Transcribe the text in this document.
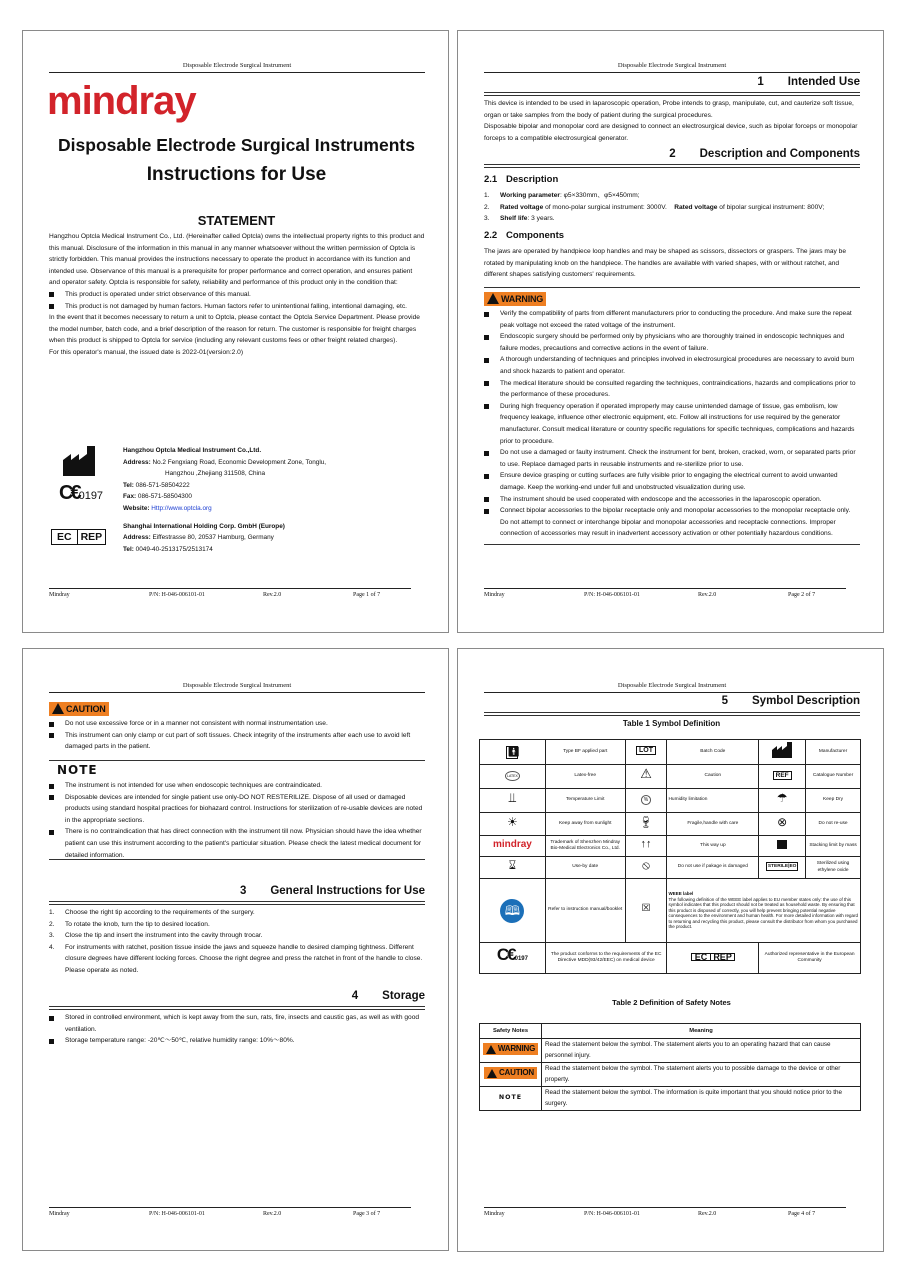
Disposable Electrode Surgical Instrument
mindray
Disposable Electrode Surgical Instruments
Instructions for Use
STATEMENT
Hangzhou Optcla Medical Instrument Co., Ltd. (Hereinafter called Optcla) owns the intellectual property rights to this product and this manual. Disclosure of the information in this manual in any manner whatsoever without the written permission of Optcla is strictly forbidden. This manual provides the instructions necessary to operate the product in accordance with its function and intended use. Observance of this manual is a prerequisite for proper performance and correct operation, and ensures patient and operator safety. Optcla is responsible for safety, reliability and performance of this product only in the condition that:
This product is operated under strict observance of this manual.
This product is not damaged by human factors. Human factors refer to unintentional falling, intentional damaging, etc.
In the event that it becomes necessary to return a unit to Optcla, please contact the Optcla Service Department. Please provide the model number, batch code, and a brief description of the reason for return. The customer is responsible for freight charges when this product is shipped to Optcla for service (including any relevant customs fees or other freight related charges).
For this operator's manual, the issued date is 2022-01(version:2.0)
C€0197
EC REP
Hangzhou Optcla Medical Instrument Co.,Ltd.
Address: No.2 Fengxiang Road, Economic Development Zone, Tonglu,
Hangzhou ,Zhejiang 311508, China
Tel: 086-571-58504222
Fax: 086-571-58504300
Website: Http://www.optcla.org
Shanghai International Holding Corp. GmbH (Europe)
Address: Eiffestrasse 80, 20537 Hamburg, Germany
Tel: 0049-40-2513175/2513174
Mindray	P/N: H-046-006101-01	Rev.2.0	Page 1 of 7
Disposable Electrode Surgical Instrument
1 Intended Use
This device is intended to be used in laparoscopic operation, Probe intends to grasp, manipulate, cut, and cauterize soft tissue, organ or take samples from the body of patient during the surgical procedures.
Disposable bipolar and monopolar cord are designed to connect an electrosurgical device, such as bipolar forceps or monopolar forceps to a compatible electrosurgical generator.
2 Description and Components
2.1 Description
1. Working parameter: φ5×330mm、φ5×450mm;
2. Rated voltage of mono-polar surgical instrument: 3000V. Rated voltage of bipolar surgical instrument: 800V;
3. Shelf life: 3 years.
2.2 Components
The jaws are operated by handpiece loop handles and may be shaped as scissors, dissectors or graspers. The jaws may be rotated by manipulating knob on the handpiece. The handles are available with varied shapes, with or without ratchet, and different shapes satisfying customers' requirements.
WARNING
Verify the compatibility of parts from different manufacturers prior to conducting the procedure. And make sure the repeat peak voltage not exceed the rated voltage of the instrument.
Endoscopic surgery should be performed only by physicians who are thoroughly trained in endoscopic techniques and failure modes, precautions and corrective actions in the event of failure.
A thorough understanding of techniques and principles involved in electrosurgical procedures are necessary to avoid burn and shock hazards to patient and operator.
The medical literature should be consulted regarding the techniques, contraindications, hazards and complications prior to the performance of these procedures.
During high frequency operation if operated improperly may cause unintended damage of tissue, gas embolism, low frequency leakage, influence other electronic equipment, etc. Follow all instructions for use required by the generator manufacturer. Consult medical literature or country specific regulations for specific techniques, complications and hazards prior to procedure.
Do not use a damaged or faulty instrument. Check the instrument for bent, broken, cracked, worn, or separated parts prior to use. Replace damaged parts in reusable instruments and re-sterilize prior to use.
Ensure device grasping or cutting surfaces are fully visible prior to engaging the electrical current to avoid unwanted damage. Keep the working-end under full and unobstructed visualization during use.
The instrument should be used cooperated with endoscope and the accessories in the laparoscopic operation.
Connect bipolar accessories to the bipolar receptacle only and monopolar accessories to the monopolar receptacle only. Do not attempt to connect or interchange bipolar and monopolar accessories and receptacle connections. Improper connection of accessories may result in inadvertent accessory activation or other potentially hazardous conditions.
Mindray	P/N: H-046-006101-01	Rev.2.0	Page 2 of 7
Disposable Electrode Surgical Instrument
CAUTION
Do not use excessive force or in a manner not consistent with normal instrumentation use.
This instrument can only clamp or cut part of soft tissues. Check integrity of the instruments after each use to avoid left damaged parts in the patient.
NOTE
The instrument is not intended for use when endoscopic techniques are contraindicated.
Disposable devices are intended for single patient use only-DO NOT RESTERILIZE. Dispose of all used or damaged products using standard hospital practices for biohazard control. Instructions for sterilization of re-usable devices are noted in the appropriate sections.
There is no contraindication that has direct connection with the instrument till now. Physician should have the idea whether patient can use this instrument according to the patient's particular situation. Please check the latest medical document for detailed information.
3 General Instructions for Use
1. Choose the right tip according to the requirements of the surgery.
2. To rotate the knob, turn the tip to desired location.
3. Close the tip and insert the instrument into the cavity through trocar.
4. For instruments with ratchet, position tissue inside the jaws and squeeze handle to desired clamping tightness. Different closure degrees have different locking forces. Choose the right degree and press the ratchet in front of the handle to close. Please operate as noted.
4 Storage
Stored in controlled environment, which is kept away from the sun, rats, fire, insects and caustic gas, as well as with good ventilation.
Storage temperature range: -20℃～50℃, relative humidity range: 10%～80%.
Mindray	P/N: H-046-006101-01	Rev.2.0	Page 3 of 7
Disposable Electrode Surgical Instrument
5 Symbol Description
Table 1 Symbol Definition
🚹︎	Type BF applied part	LOT	Batch Code		Manufacturer
LATEX	Latex-free	⚠︎	Caution	REF	Catalogue Number
⫫	Temperature Limit	%	Humidity limitation	☂	Keep Dry
☀	Keep away from sunlight	🍷︎	Fragile,handle with care	⊗	Do not re-use
mindray	Trademark of Shenzhen Mindray Bio-Medical Electronics Co., Ltd.	↑↑	This way up		Stacking limit by mass
⌛︎	Use-by date	⦸	Do not use if pakage is damaged	STERILE|EO	Sterilized using ethylene oxide
🕮︎	Refer to instruction manual/booklet	☒	WEEE label
The following definition of the WEEE label applies to EU member states only: the use of this symbol indicates that this product should not be treated as household waste. By ensuring that this product is disposed of correctly, you will help prevent bringing potential negative consequences to the environment and human health. For more detailed information with regard to returning and recycling this product, please consult the distributor from whom you purchased the product.		
C€0197	The product conforms to the requirements of the EC Directive MDD(93/42/EEC) on medical device		EC REP	Authorized representative in the European Community	
Table 2 Definition of Safety Notes
Safety Notes	Meaning

WARNING	Read the statement below the symbol. The statement alerts you to an operating hazard that can cause personnel injury.

CAUTION	Read the statement below the symbol. The statement alerts you to possible damage to the device or other property.
NOTE	Read the statement below the symbol. The information is quite important that you should notice prior to the surgery.
Mindray	P/N: H-046-006101-01	Rev.2.0	Page 4 of 7
